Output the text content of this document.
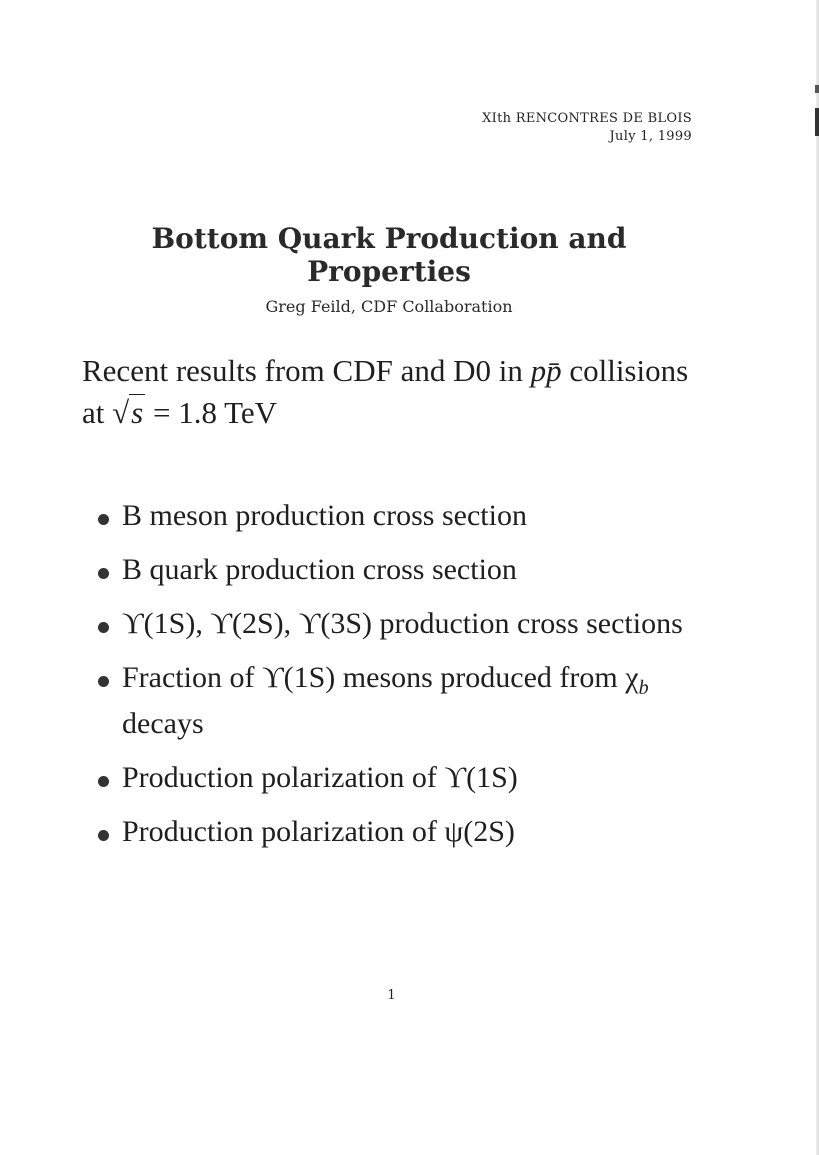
XIth RENCONTRES DE BLOIS
July 1, 1999
Bottom Quark Production and
Properties
Greg Feild, CDF Collaboration
Recent results from CDF and D0 in pp̄ collisions
at √s = 1.8 TeV
B meson production cross section
B quark production cross section
ϒ(1S), ϒ(2S), ϒ(3S) production cross sections
Fraction of ϒ(1S) mesons produced from $\chi_b$
decays
Production polarization of ϒ(1S)
Production polarization of ψ(2S)
1
